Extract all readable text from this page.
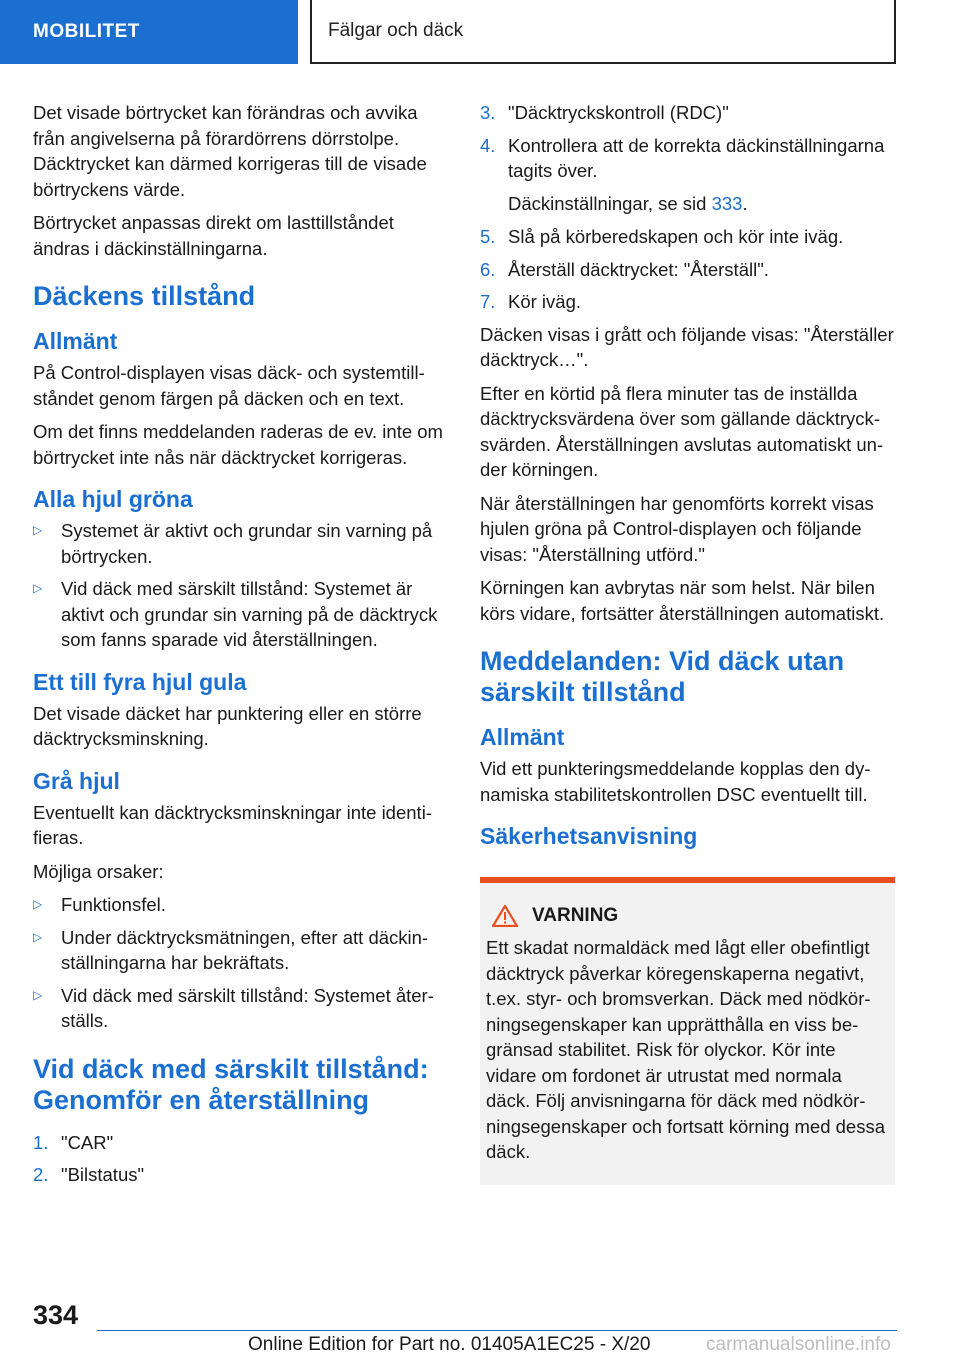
MOBILITET	Fälgar och däck

Det visade börtrycket kan förändras och avvika från angivelserna på förardörrens dörrstolpe. Däcktrycket kan därmed korrigeras till de visade börtryckens värde.

Börtrycket anpassas direkt om lasttillståndet ändras i däckinställningarna.

Däckens tillstånd
Allmänt

På Control-displayen visas däck- och systemtillståndet genom färgen på däcken och en text.

Om det finns meddelanden raderas de ev. inte om börtrycket inte nås när däcktrycket korrigeras.

Alla hjul gröna
▷ Systemet är aktivt och grundar sin varning på börtrycken.
▷ Vid däck med särskilt tillstånd: Systemet är aktivt och grundar sin varning på de däcktryck som fanns sparade vid återställningen.
Ett till fyra hjul gula

Det visade däcket har punktering eller en större däcktrycksminskning.

Grå hjul

Eventuellt kan däcktrycksminskningar inte identifieras.

Möjliga orsaker:

▷ Funktionsfel.
▷ Under däcktrycksmätningen, efter att däckinställningarna har bekräftats.
▷ Vid däck med särskilt tillstånd: Systemet återställs.
Vid däck med särskilt tillstånd: Genomför en återställning
1. "CAR"
2. "Bilstatus"
3. "Däcktryckskontroll (RDC)"
4. Kontrollera att de korrekta däckinställningarna tagits över.

Däckinställningar, se sid 333.

5. Slå på körberedskapen och kör inte iväg.
6. Återställ däcktrycket: "Återställ".
7. Kör iväg.

Däcken visas i grått och följande visas: "Återställer däcktryck…".

Efter en körtid på flera minuter tas de inställda däcktrycksvärdena över som gällande däcktrycksvärden. Återställningen avslutas automatiskt under körningen.

När återställningen har genomförts korrekt visas hjulen gröna på Control-displayen och följande visas: "Återställning utförd."

Körningen kan avbrytas när som helst. När bilen körs vidare, fortsätter återställningen automatiskt.

Meddelanden: Vid däck utan särskilt tillstånd
Allmänt

Vid ett punkteringsmeddelande kopplas den dynamiska stabilitetskontrollen DSC eventuellt till.

Säkerhetsanvisning
VARNING

Ett skadat normaldäck med lågt eller obefintligt däcktryck påverkar köregenskaperna negativt, t.ex. styr- och bromsverkan. Däck med nödkörningsegenskaper kan upprätthålla en viss begränsad stabilitet. Risk för olyckor. Kör inte vidare om fordonet är utrustat med normala däck. Följ anvisningarna för däck med nödkörningsegenskaper och fortsatt körning med dessa däck.

334
Online Edition for Part no. 01405A1EC25 - X/20	carmanualsonline.info
